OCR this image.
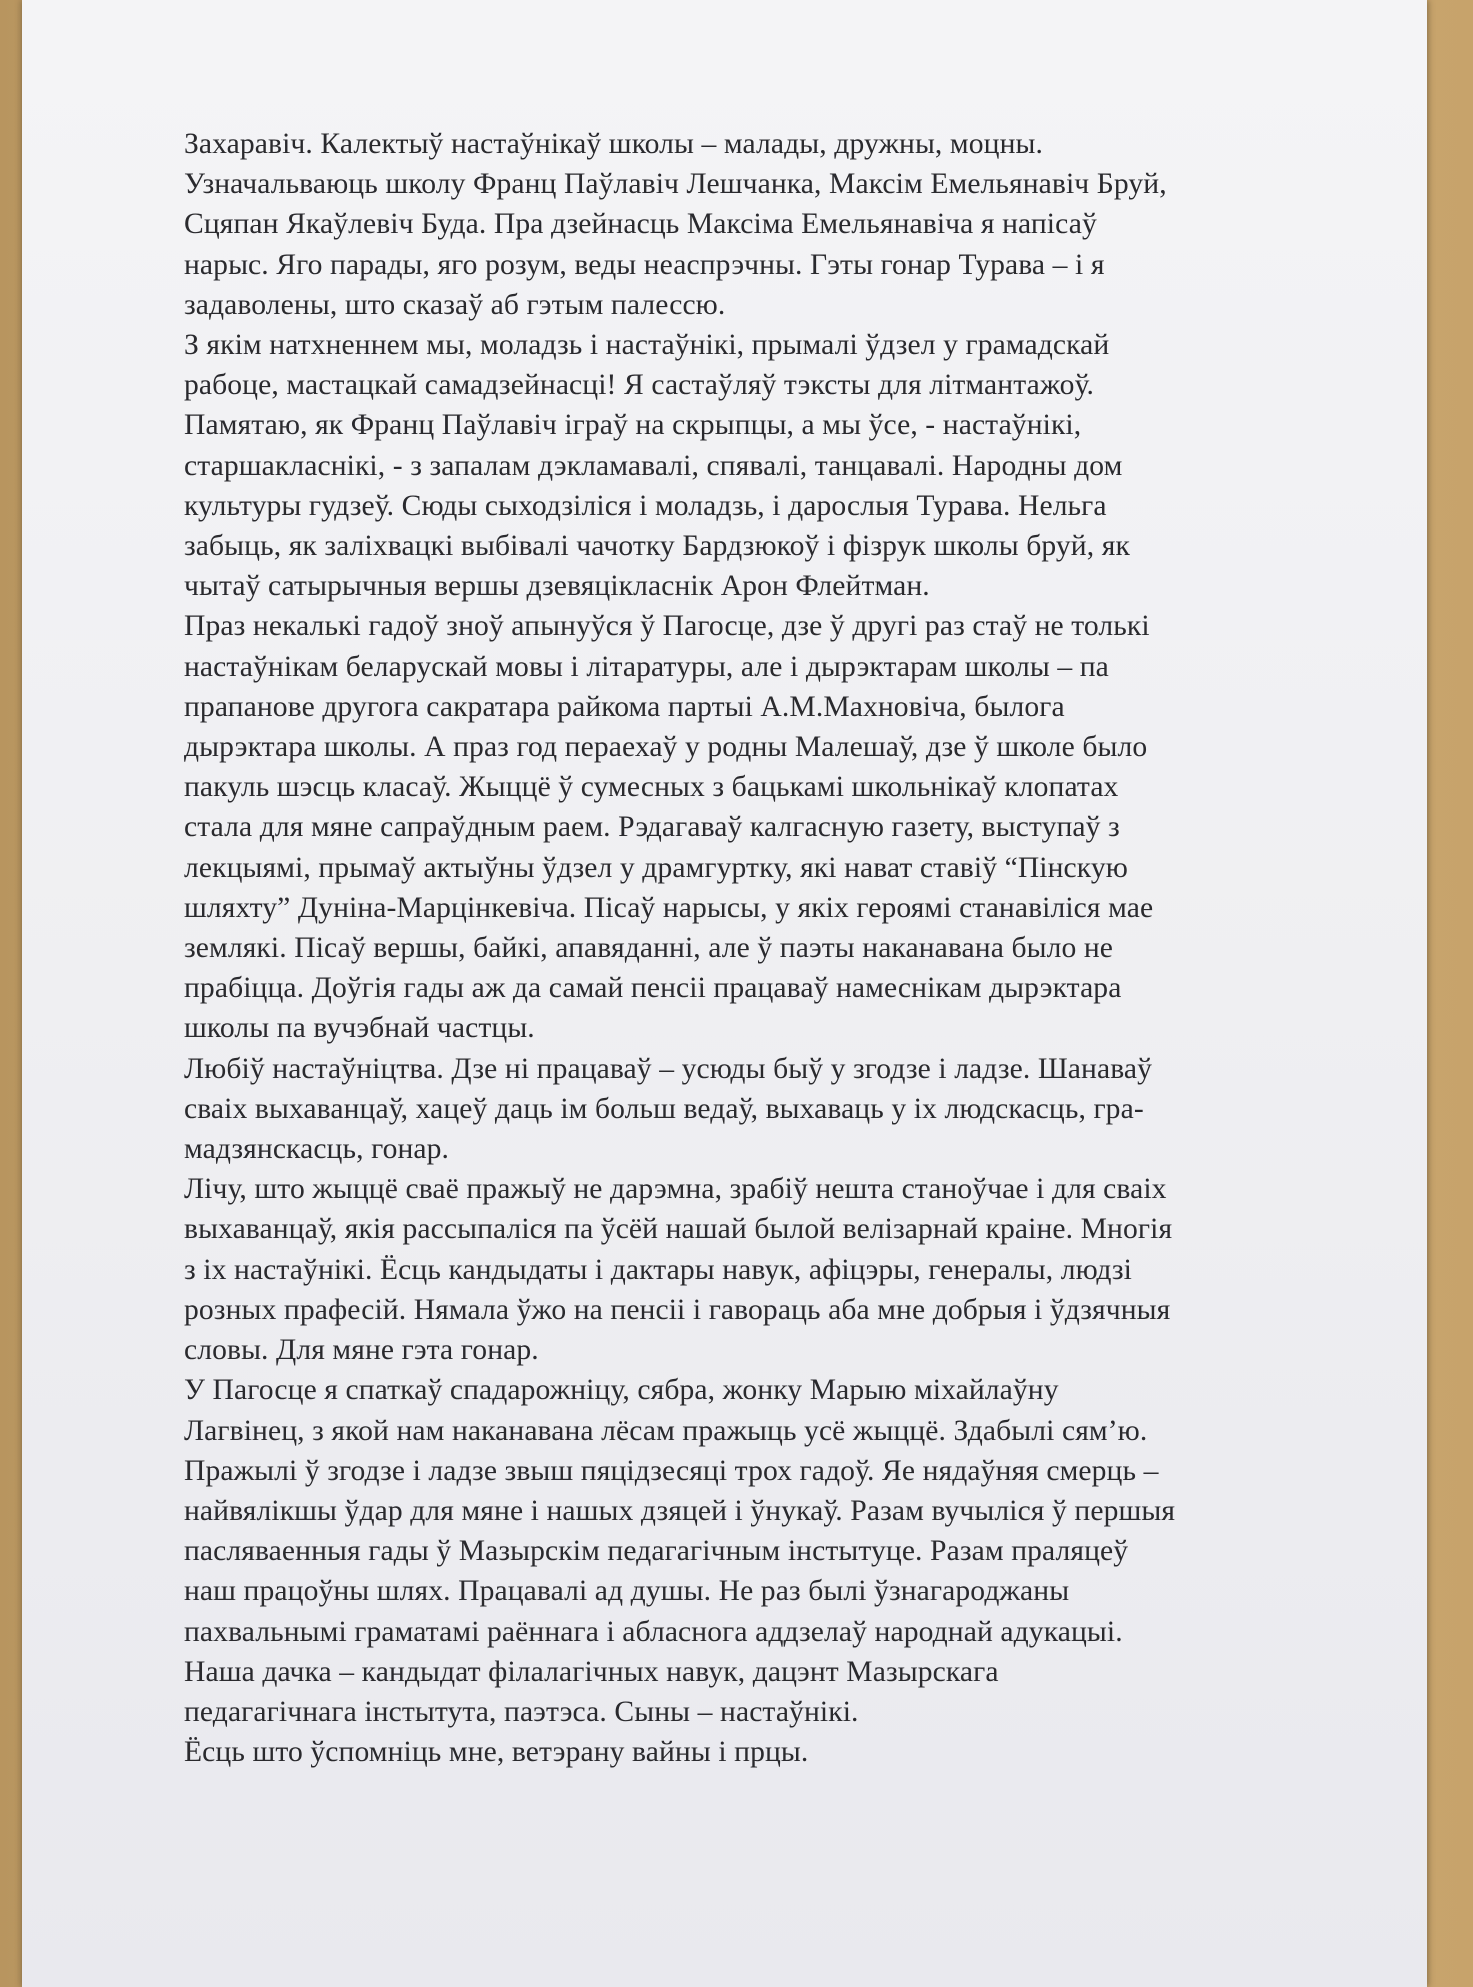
Захаравіч. Калектыў настаўнікаў школы – малады, дружны, моцны.
Узначальваюць школу Франц Паўлавіч Лешчанка, Максім Емельянавіч Бруй,
Сцяпан Якаўлевіч Буда. Пра дзейнасць Максіма Емельянавіча я напісаў
нарыс. Яго парады, яго розум, веды неаспрэчны. Гэты гонар Турава – і я
задаволены, што сказаў аб гэтым палессю.
З якім натхненнем мы, моладзь і настаўнікі, прымалі ўдзел у грамадскай
рабоце, мастацкай самадзейнасці! Я састаўляў тэксты для літмантажоў.
Памятаю, як Франц Паўлавіч іграў на скрыпцы, а мы ўсе, - настаўнікі,
старшакласнікі, - з запалам дэкламавалі, спявалі, танцавалі. Народны дом
культуры гудзеў. Сюды сыходзіліся і моладзь, і дарослыя Турава. Нельга
забыць, як заліхвацкі выбівалі чачотку Бардзюкоў і фізрук школы бруй, як
чытаў сатырычныя вершы дзевяцікласнік Арон Флейтман.
Праз некалькі гадоў зноў апынуўся ў Пагосце, дзе ў другі раз стаў не толькі
настаўнікам беларускай мовы і літаратуры, але і дырэктарам школы – па
прапанове другога сакратара райкома партыі А.М.Махновіча, былога
дырэктара школы. А праз год пераехаў у родны Малешаў, дзе ў школе было
пакуль шэсць класаў. Жыццё ў сумесных з бацькамі школьнікаў клопатах
стала для мяне сапраўдным раем. Рэдагаваў калгасную газету, выступаў з
лекцыямі, прымаў актыўны ўдзел у драмгуртку, які нават ставіў “Пінскую
шляхту” Дуніна-Марцінкевіча. Пісаў нарысы, у якіх героямі станавіліся мае
землякі. Пісаў вершы, байкі, апавяданні, але ў паэты наканавана было не
прабіцца. Доўгія гады аж да самай пенсіі працаваў намеснікам дырэктара
школы па вучэбнай частцы.
Любіў настаўніцтва. Дзе ні працаваў – усюды быў у згодзе і ладзе. Шанаваў
сваіх выхаванцаў, хацеў даць ім больш ведаў, выхаваць у іх людскасць, гра-
мадзянскасць, гонар.
Лічу, што жыццё сваё пражыў не дарэмна, зрабіў нешта станоўчае і для сваіх
выхаванцаў, якія рассыпаліся па ўсёй нашай былой велізарнай краіне. Многія
з іх настаўнікі. Ёсць кандыдаты і дактары навук, афіцэры, генералы, людзі
розных прафесій. Нямала ўжо на пенсіі і гавораць аба мне добрыя і ўдзячныя
словы. Для мяне гэта гонар.
У Пагосце я спаткаў спадарожніцу, сябра, жонку Марыю міхайлаўну
Лагвінец, з якой нам наканавана лёсам пражыць усё жыццё. Здабылі сям’ю.
Пражылі ў згодзе і ладзе звыш пяцідзесяці трох гадоў. Яе нядаўняя смерць –
найвялікшы ўдар для мяне і нашых дзяцей і ўнукаў. Разам вучыліся ў першыя
пасляваенныя гады ў Мазырскім педагагічным інстытуце. Разам праляцеў
наш працоўны шлях. Працавалі ад душы. Не раз былі ўзнагароджаны
пахвальнымі граматамі раённага і абласнога аддзелаў народнай адукацыі.
Наша дачка – кандыдат філалагічных навук, дацэнт Мазырскага
педагагічнага інстытута, паэтэса. Сыны – настаўнікі.
Ёсць што ўспомніць мне, ветэрану вайны і прцы.
